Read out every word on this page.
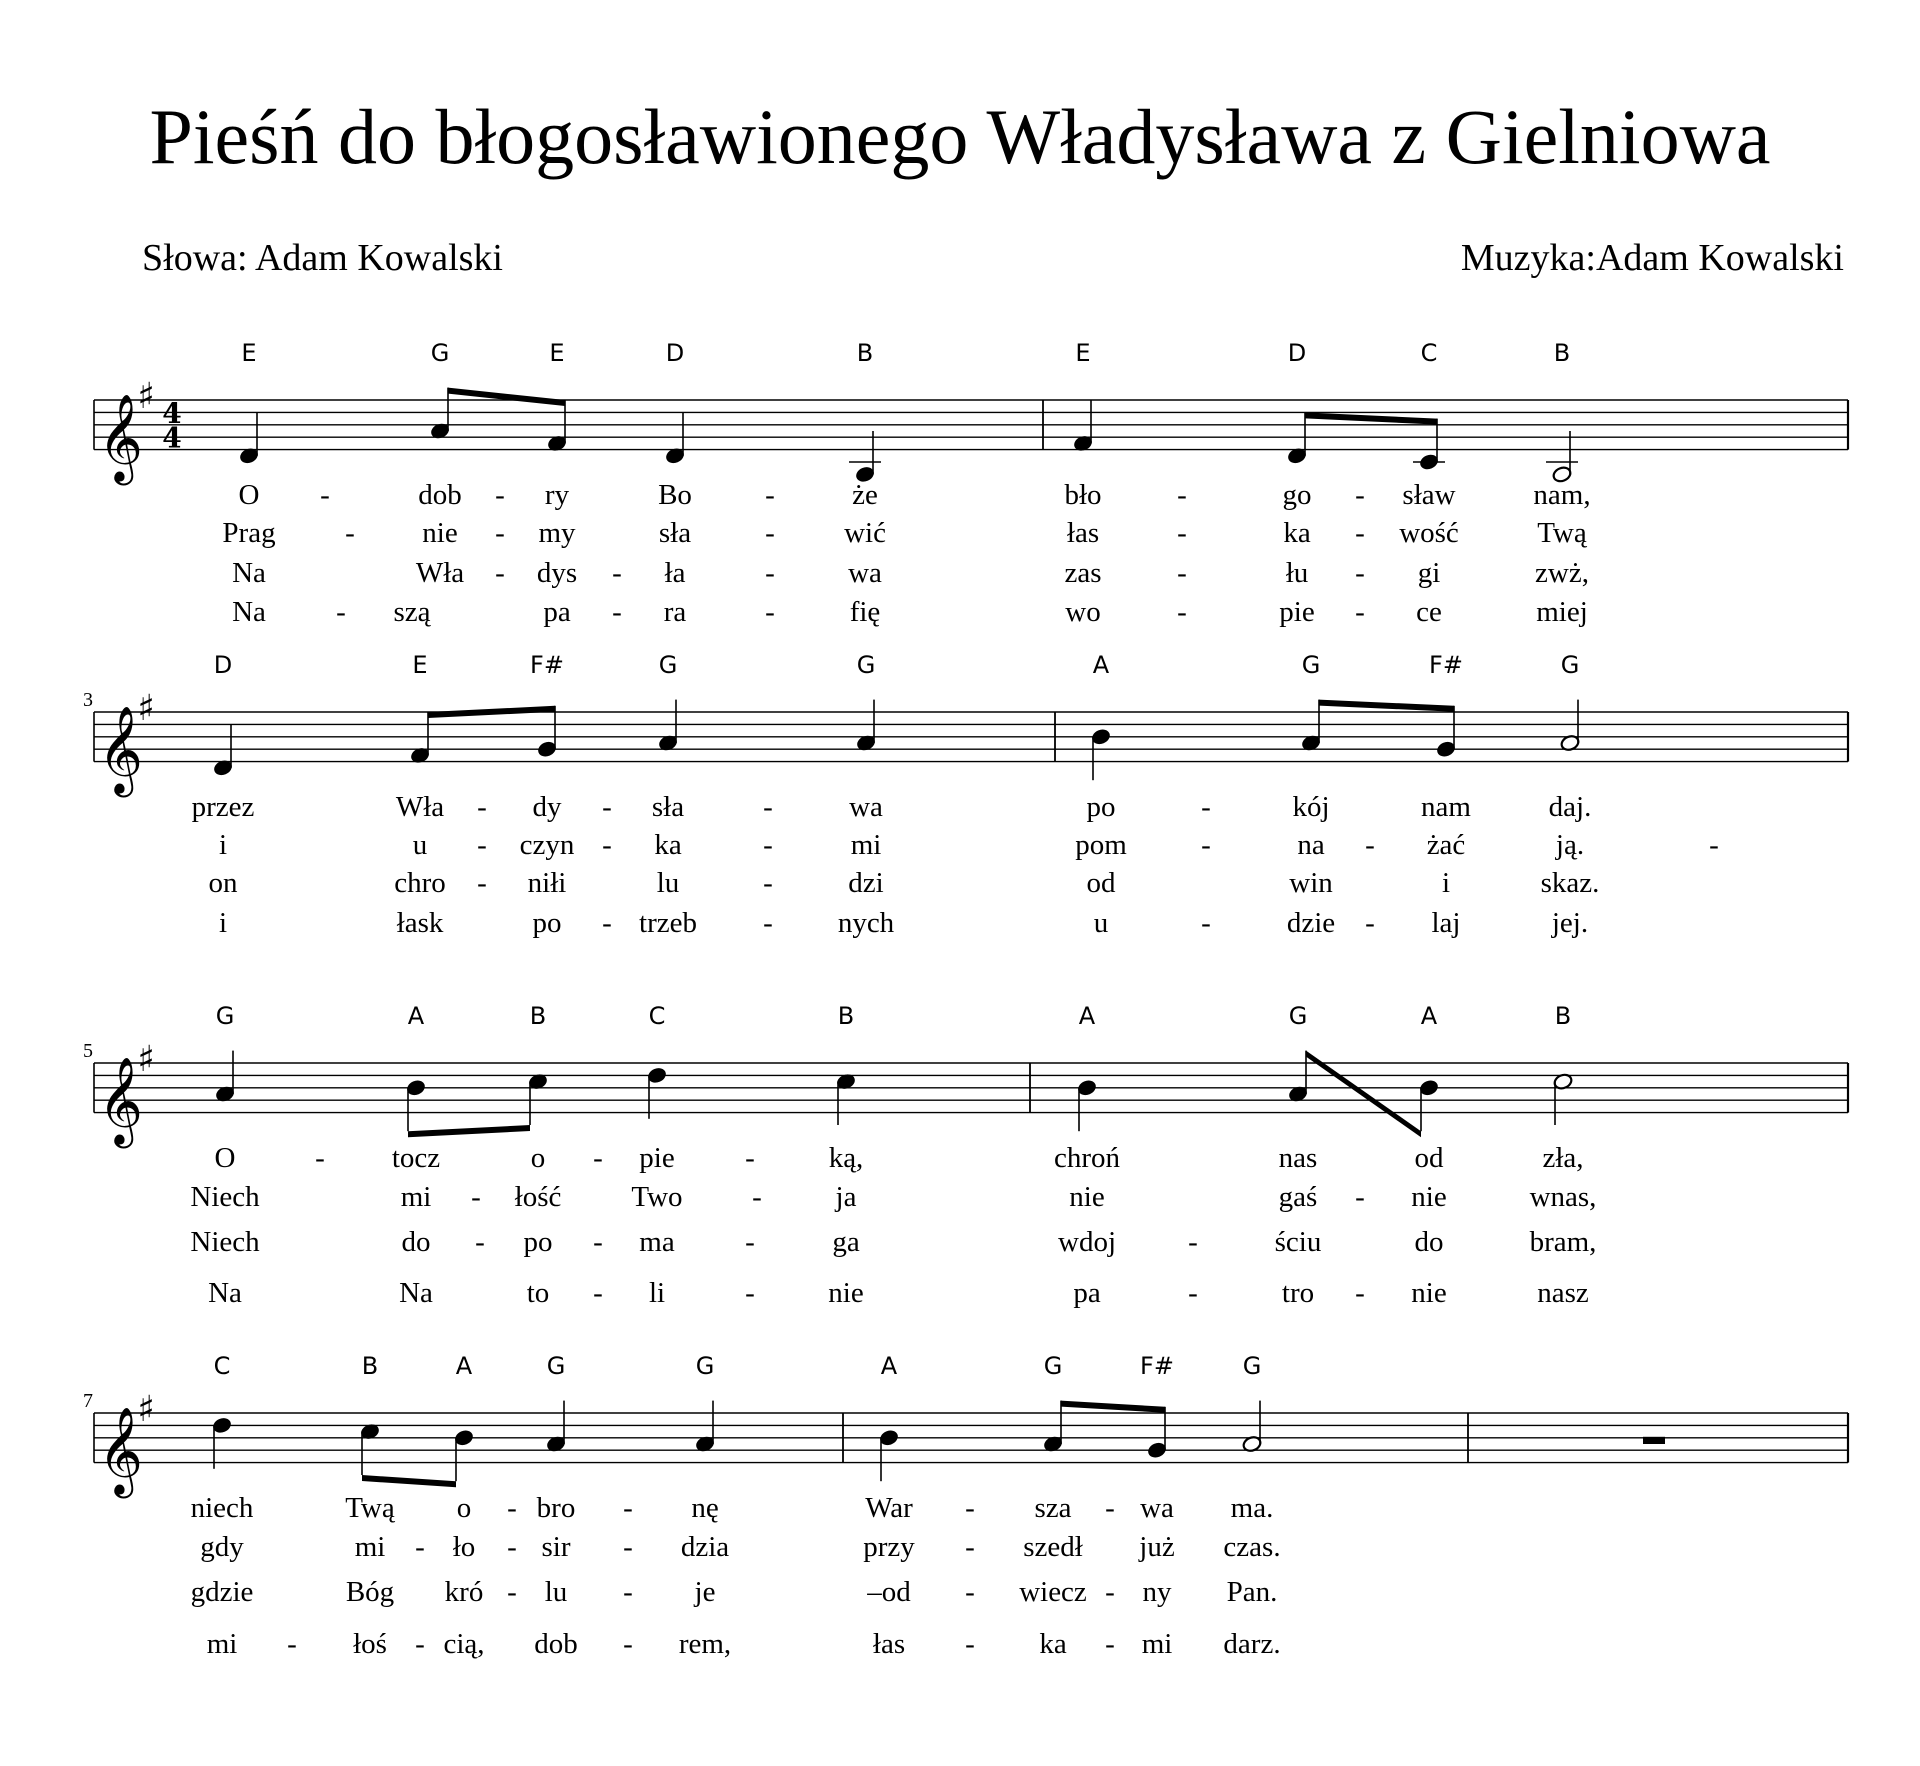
Pieśń do błogosławionego Władysława z Gielniowa
Słowa: Adam Kowalski	Muzyka:Adam Kowalski
𝄞
♯ 4
4
E	G	E	D	B	E	D	C	B
O -	dob - ry	Bo	-	że	bło	-	go - sław	nam,
Prag - nie - my	sła	- wić	łas	-	ka - wość	Twą
Na	Wła - dys - ła	-	wa	zas	-	łu - gi	zwż,
Na - szą	pa - ra	-	fię	wo	-	pie - ce	miej
𝄞
♯
3
D	E	F#	G	G	A	G	F#	G
przez	Wła - dy - sła	-	wa	po	-	kój	nam	daj.
i	u - czyn - ka	-	mi	pom	-	na - żać	ją.	-
on	chro - niłi	lu	-	dzi	od	win	i	skaz.
i	łask	po - trzeb - nych	u	-	dzie - laj	jej.
𝄞
♯
5
G	A	B	C	B	A	G	A	B
O	- tocz	o - pie -	ką,	chroń	nas	od	zła,
Niech	mi - łość Two -	ja	nie	gaś - nie	wnas,
Niech	do - po - ma -	ga	wdoj -	ściu	do	bram,
Na	Na	to - li	-	nie	pa	-	tro - nie	nasz
𝄞
♯
7
C	B	A	G	G	A	G	F#	G
niech	Twą o - bro - nę	War - sza - wa ma.
gdy	mi - ło - sir - dzia	przy - szedł już czas.
gdzie	Bóg kró - lu - je	–od - wiecz - ny Pan.
mi - łoś - cią, dob - rem,	łas - ka - mi darz.
